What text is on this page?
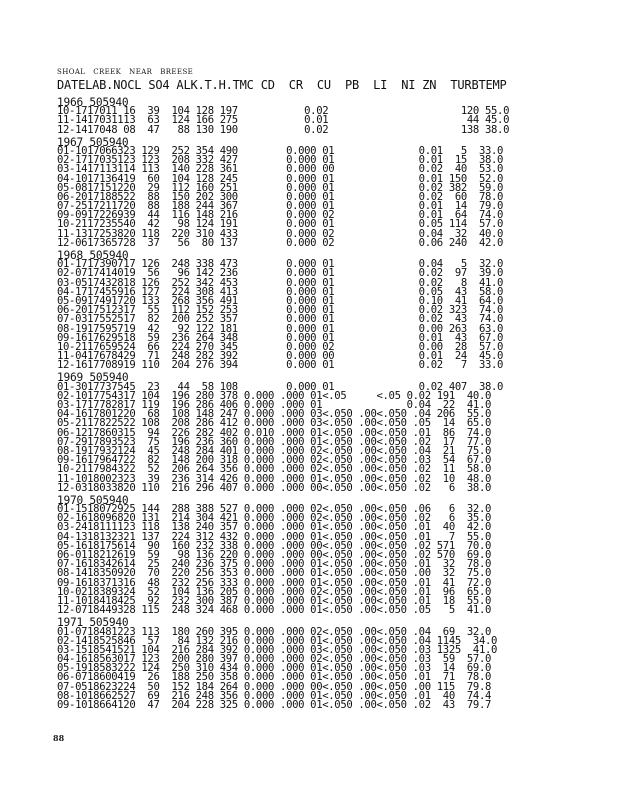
SHOAL   CREEK   NEAR   BREESE
DATELAB.NOCL SO4 ALK.T.H.TMC CD  CR  CU  PB  LI  NI ZN  TURBTEMP
1966 505940
10-1717011 16  39  104 128 197           0.02                      120 55.0
11-1417031113  63  124 166 275           0.01                       44 45.0
12-1417048 08  47   88 130 190           0.02                      138 38.0
1967 505940
01-1017066323 129  252 354 490        0.000 01              0.01   5  33.0
02-1717035123 123  208 332 427        0.000 01              0.01  15  38.0
03-1417113114 113  140 228 361        0.000 00              0.02  40  53.0
04-1017136419  60  104 128 245        0.000 01              0.01 150  52.0
05-0817151220  29  112 160 251        0.000 01              0.02 382  59.0
06-2017188522  88  150 202 300        0.000 01              0.02  60  78.0
07-2517211720  88  188 244 367        0.000 01              0.01  14  79.0
09-0917226939  44  116 148 216        0.000 02              0.01  64  74.0
10-2117235540  42   98 124 191        0.000 01              0.05 114  57.0
11-1317253820 118  220 310 433        0.000 02              0.04  32  40.0
12-0617365728  37   56  80 137        0.000 02              0.06 240  42.0
1968 505940
01-1717390717 126  248 338 473        0.000 01              0.04   5  32.0
02-0717414019  56   96 142 236        0.000 01              0.02  97  39.0
03-0517432818 126  252 342 453        0.000 01              0.02   8  41.0
04-1717455916 127  224 308 413        0.000 01              0.05  43  58.0
05-0917491720 133  268 356 491        0.000 01              0.10  41  64.0
06-2017512317  55  112 152 253        0.000 01              0.02 323  74.0
07-0317552517  82  200 252 357        0.000 01              0.02  43  74.0
08-1917595719  42   92 122 181        0.000 01              0.00 263  63.0
09-1617629518  59  236 264 348        0.000 01              0.01  43  67.0
10-2117659524  66  224 270 345        0.000 02              0.00  28  57.0
11-0417678429  71  248 282 392        0.000 00              0.01  24  45.0
12-1617708919 110  204 276 394        0.000 01              0.02   7  33.0
1969 505940
01-3017737545  23   44  58 108        0.000 01              0.02 407  38.0
02-1017754317 104  196 280 378 0.000 .000 01<.05     <.05 0.02 191  40.0
03-1717782817 119  196 286 406 0.000 .000 01              0.04  22  41.0
04-1617801220  68  108 148 247 0.000 .000 03<.050 .00<.050 .04 206  55.0
05-2117822522 108  208 286 412 0.000 .000 03<.050 .00<.050 .05  14  65.0
06-1217860315  94  226 282 402 0.010 .000 01<.050 .00<.050 .01  86  74.0
07-2917893523  75  196 236 360 0.000 .000 01<.050 .00<.050 .02  17  77.0
08-1917932124  45  248 284 401 0.000 .000 02<.050 .00<.050 .04  21  75.0
09-1617964722  82  148 200 318 0.000 .000 02<.050 .00<.050 .03  54  67.0
10-2117984322  52  206 264 356 0.000 .000 02<.050 .00<.050 .02  11  58.0
11-1018002323  39  236 314 426 0.000 .000 01<.050 .00<.050 .02  10  48.0
12-0318033820 110  216 296 407 0.000 .000 00<.050 .00<.050 .02   6  38.0
1970 505940
01-1518072925 144  288 388 527 0.000 .000 02<.050 .00<.050 .06   6  32.0
02-1618096820 131  214 304 421 0.000 .000 02<.050 .00<.050 .02   6  35.0
03-2418111123 118  138 240 357 0.000 .000 01<.050 .00<.050 .01  40  42.0
04-1318132321 137  224 312 432 0.000 .000 01<.050 .00<.050 .01   7  55.0
05-1618175614  90  160 232 338 0.000 .000 00<.050 .00<.050 .02 571  70.0
06-0118212619  59   98 136 220 0.000 .000 00<.050 .00<.050 .02 570  69.0
07-1618342614  25  240 236 375 0.000 .000 01<.050 .00<.050 .01  32  78.0
08-1418350920  70  220 256 353 0.000 .000 01<.050 .00<.050 .00  32  75.0
09-1618371316  48  232 256 333 0.000 .000 01<.050 .00<.050 .01  41  72.0
10-0218389324  52  104 136 205 0.000 .000 02<.050 .00<.050 .01  96  65.0
11-1018418425  92  232 300 387 0.000 .000 01<.050 .00<.050 .01  18  55.0
12-0718449328 115  248 324 468 0.000 .000 01<.050 .00<.050 .05   5  41.0
1971 505940
01-0718481223 113  180 260 395 0.000 .000 02<.050 .00<.050 .04  69  32.0
02-1418525846  57   84 132 216 0.000 .000 01<.050 .00<.050 .04 1145  34.0
03-1518541521 104  216 284 392 0.000 .000 03<.050 .00<.050 .03 1325  41.0
04-1618563017 123  200 280 397 0.000 .000 02<.050 .00<.050 .03  59  57.0
05-1918583222 124  250 310 434 0.000 .000 01<.050 .00<.050 .03  14  69.0
06-0718600419  26  188 250 358 0.000 .000 01<.050 .00<.050 .01  71  78.0
07-0518623224  50  152 184 264 0.000 .000 00<.050 .00<.050 .00 115  79.8
08-1018662527  69  216 248 356 0.000 .000 01<.050 .00<.050 .01  40  74.4
09-1018664120  47  204 228 325 0.000 .000 01<.050 .00<.050 .02  43  79.7
88
